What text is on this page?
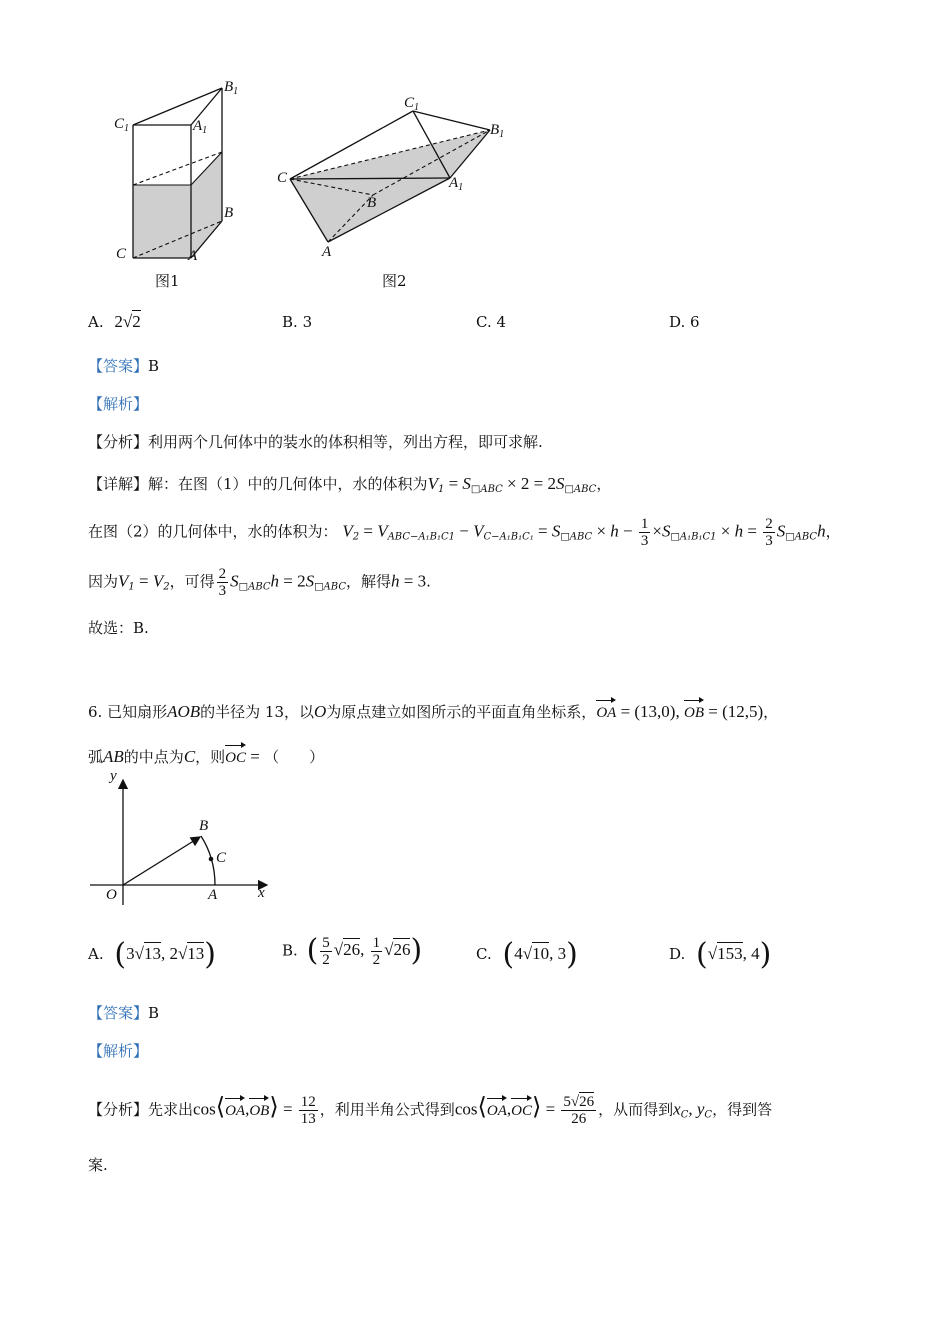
$C_1$	$A_1$
$B_1$
B
C	A
图1
$C_1$
$B_1$
$A_1$
C
B
A
图2
A. 2√2	B. 3	C. 4	D. 6
【答案】B
【解析】
【分析】利用两个几何体中的装水的体积相等，列出方程，即可求解.
【详解】解：在图（1）中的几何体中，水的体积为$V_1 = S_{□ABC} \times 2 = 2S_{□ABC}$，
在图（2）的几何体中，水的体积为： $V_2 = V_{ABC-A_1B_1C1} - V_{C-A_1B_1C_1} = S_{□ABC} \times h - \frac{1}{3} \times S_{□A_1B_1C1} \times h = \frac{2}{3} S_{□ABC}h$，
因为$V_1 = V_2$，可得 $\frac{2}{3} S_{□ABC}h = 2S_{□ABC}$，解得h = 3.
故选：B.
6. 已知扇形AOB的半径为 13，以O为原点建立如图所示的平面直角坐标系，OA = (13,0), OB = (12,5)，
弧AB的中点为C，则OC = （　　）
y
x
O	A
B
C
A. (3√13, 2√13)	B. ( $\frac{5}{2} √26$, $\frac{1}{2} √26$)	C. (4√10, 3)	D. (√153, 4)
【答案】B
【解析】
【分析】先求出cos⟨OA,OB⟩ = $\frac{12}{13}$ ，利用半角公式得到cos⟨OA,OC⟩ = $\frac{5√26}{26}$ ，从而得到$x_C$, $y_C$，得到答
案.
